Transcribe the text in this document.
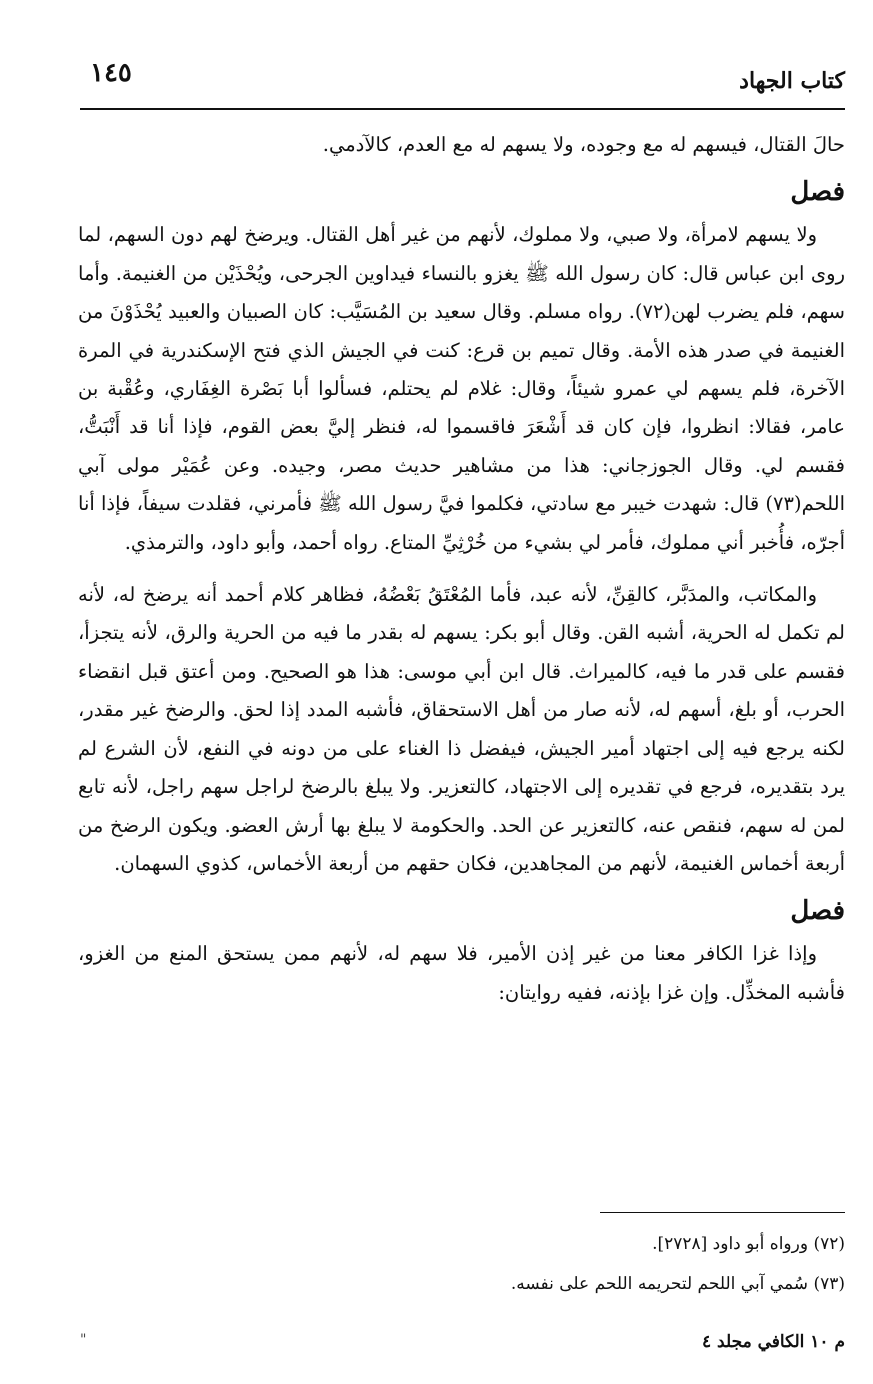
كتاب الجهاد
١٤٥

حالَ القتال، فيسهم له مع وجوده، ولا يسهم له مع العدم، كالآدمي.

فصل

ولا يسهم لامرأة، ولا صبي، ولا مملوك، لأنهم من غير أهل القتال. ويرضخ لهم دون السهم، لما روى ابن عباس قال: كان رسول الله ﷺ يغزو بالنساء فيداوين الجرحى، ويُحْذَيْن من الغنيمة. وأما سهم، فلم يضرب لهن(٧٢). رواه مسلم. وقال سعيد بن المُسَيَّب: كان الصبيان والعبيد يُحْذَوْنَ من الغنيمة في صدر هذه الأمة. وقال تميم بن قرع: كنت في الجيش الذي فتح الإسكندرية في المرة الآخرة، فلم يسهم لي عمرو شيئاً، وقال: غلام لم يحتلم، فسألوا أبا بَصْرة الغِفَاري، وعُقْبة بن عامر، فقالا: انظروا، فإن كان قد أَشْعَرَ فاقسموا له، فنظر إليَّ بعض القوم، فإذا أنا قد أَنْبَتُّ، فقسم لي. وقال الجوزجاني: هذا من مشاهير حديث مصر، وجيده. وعن عُمَيْر مولى آبي اللحم(٧٣) قال: شهدت خيبر مع سادتي، فكلموا فيَّ رسول الله ﷺ فأمرني، فقلدت سيفاً، فإذا أنا أجرّه، فأُخبر أني مملوك، فأمر لي بشيء من خُرْثِيِّ المتاع. رواه أحمد، وأبو داود، والترمذي.

والمكاتب، والمدَبَّر، كالقِنِّ، لأنه عبد، فأما المُعْتَقُ بَعْضُهُ، فظاهر كلام أحمد أنه يرضخ له، لأنه لم تكمل له الحرية، أشبه القن. وقال أبو بكر: يسهم له بقدر ما فيه من الحرية والرق، لأنه يتجزأ، فقسم على قدر ما فيه، كالميراث. قال ابن أبي موسى: هذا هو الصحيح. ومن أعتق قبل انقضاء الحرب، أو بلغ، أسهم له، لأنه صار من أهل الاستحقاق، فأشبه المدد إذا لحق. والرضخ غير مقدر، لكنه يرجع فيه إلى اجتهاد أمير الجيش، فيفضل ذا الغناء على من دونه في النفع، لأن الشرع لم يرد بتقديره، فرجع في تقديره إلى الاجتهاد، كالتعزير. ولا يبلغ بالرضخ لراجل سهم راجل، لأنه تابع لمن له سهم، فنقص عنه، كالتعزير عن الحد. والحكومة لا يبلغ بها أرش العضو. ويكون الرضخ من أربعة أخماس الغنيمة، لأنهم من المجاهدين، فكان حقهم من أربعة الأخماس، كذوي السهمان.

فصل

وإذا غزا الكافر معنا من غير إذن الأمير، فلا سهم له، لأنهم ممن يستحق المنع من الغزو، فأشبه المخذِّل. وإن غزا بإذنه، ففيه روايتان:

(٧٢) ورواه أبو داود [٢٧٢٨].

(٧٣) سُمي آبي اللحم لتحريمه اللحم على نفسه.

"	م ١٠ الكافي مجلد ٤
